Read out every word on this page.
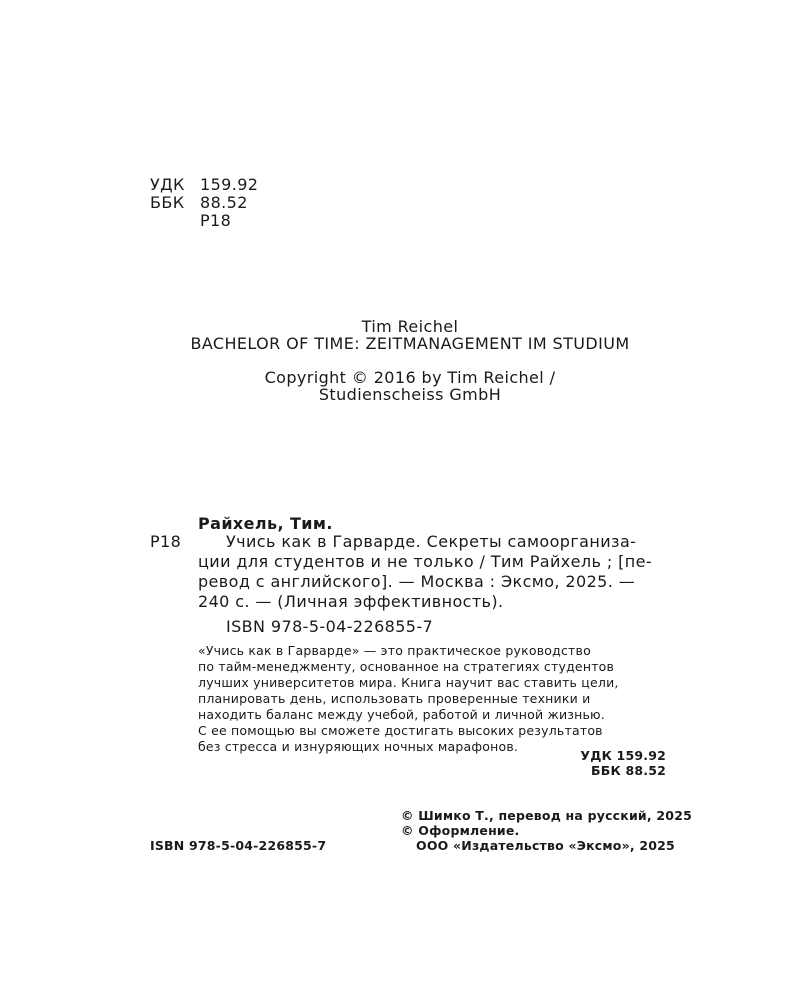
УДК 159.92
ББК 88.52
Р18
Tim Reichel
BACHELOR OF TIME: ZEITMANAGEMENT IM STUDIUM
Copyright © 2016 by Tim Reichel /
Studienscheiss GmbH
Райхель, Тим.
Р18	Учись как в Гарварде. Секреты самоорганиза-
ции для студентов и не только / Тим Райхель ; [пе-
ревод с английского]. — Москва : Эксмо, 2025. —
240 с. — (Личная эффективность).
ISBN 978-5-04-226855-7
«Учись как в Гарварде» — это практическое руководство
по тайм-менеджменту, основанное на стратегиях студентов
лучших университетов мира. Книга научит вас ставить цели,
планировать день, использовать проверенные техники и
находить баланс между учебой, работой и личной жизнью.
С ее помощью вы сможете достигать высоких результатов
без стресса и изнуряющих ночных марафонов.
УДК 159.92
ББК 88.52
ISBN 978-5-04-226855-7
© Шимко Т., перевод на русский, 2025
© Оформление.
ООО «Издательство «Эксмо», 2025
